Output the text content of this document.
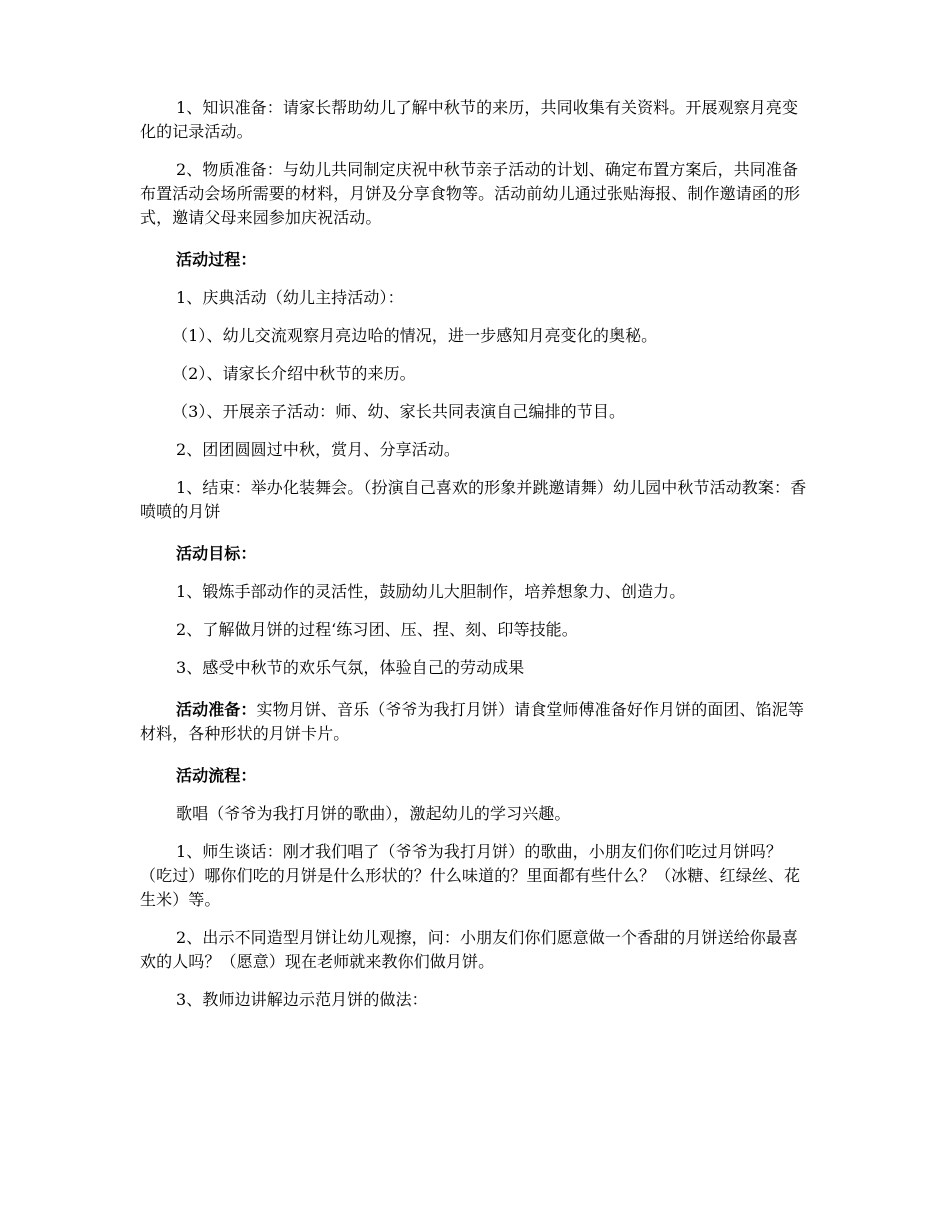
1、知识准备：请家长帮助幼儿了解中秋节的来历，共同收集有关资料。开展观察月亮变化的记录活动。

2、物质准备：与幼儿共同制定庆祝中秋节亲子活动的计划、确定布置方案后，共同准备布置活动会场所需要的材料，月饼及分享食物等。活动前幼儿通过张贴海报、制作邀请函的形式，邀请父母来园参加庆祝活动。

活动过程：

1、庆典活动（幼儿主持活动）：

（1）、幼儿交流观察月亮边哈的情况，进一步感知月亮变化的奥秘。

（2）、请家长介绍中秋节的来历。

（3）、开展亲子活动：师、幼、家长共同表演自己编排的节目。

2、团团圆圆过中秋，赏月、分享活动。

1、结束：举办化装舞会。（扮演自己喜欢的形象并跳邀请舞）幼儿园中秋节活动教案：香喷喷的月饼

活动目标：

1、锻炼手部动作的灵活性，鼓励幼儿大胆制作，培养想象力、创造力。

2、了解做月饼的过程‘练习团、压、捏、刻、印等技能。

3、感受中秋节的欢乐气氛，体验自己的劳动成果

活动准备：实物月饼、音乐（爷爷为我打月饼）请食堂师傅准备好作月饼的面团、馅泥等材料，各种形状的月饼卡片。

活动流程：

歌唱（爷爷为我打月饼的歌曲），激起幼儿的学习兴趣。

1、师生谈话：刚才我们唱了（爷爷为我打月饼）的歌曲，小朋友们你们吃过月饼吗？（吃过）哪你们吃的月饼是什么形状的？什么味道的？里面都有些什么？（冰糖、红绿丝、花生米）等。

2、出示不同造型月饼让幼儿观擦，问：小朋友们你们愿意做一个香甜的月饼送给你最喜欢的人吗？（愿意）现在老师就来教你们做月饼。

3、教师边讲解边示范月饼的做法：
